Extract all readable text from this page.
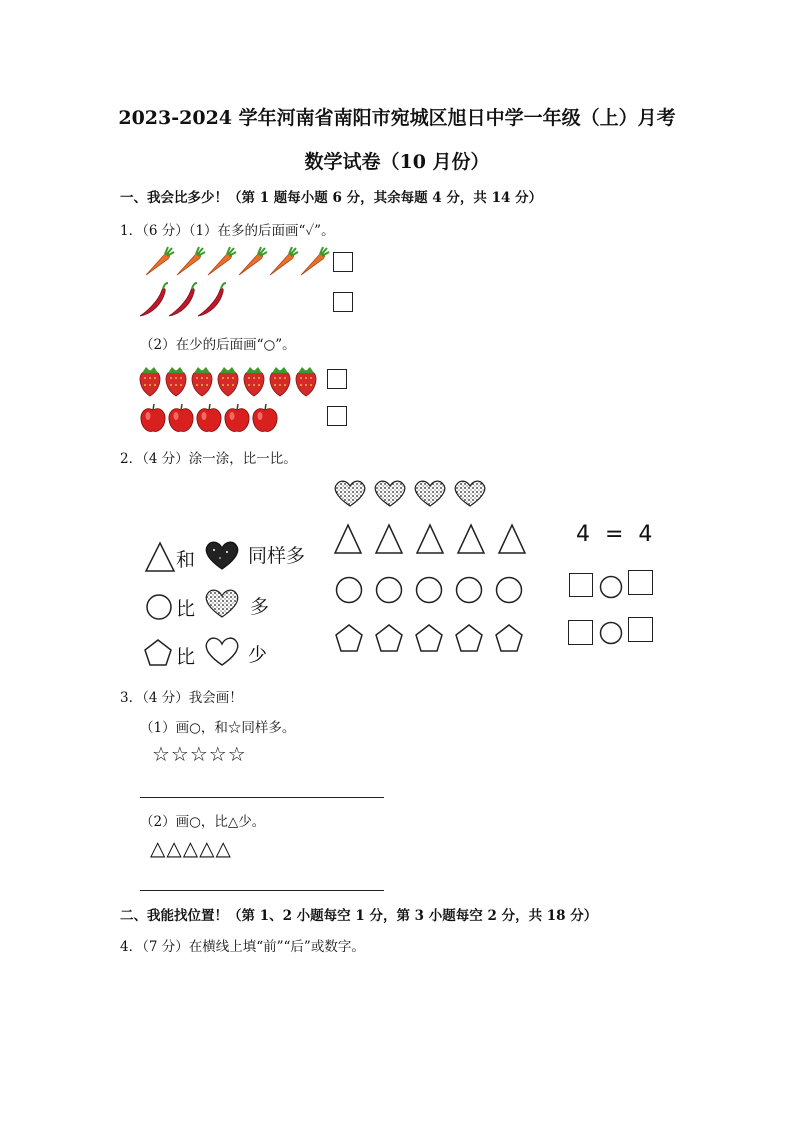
2023-2024 学年河南省南阳市宛城区旭日中学一年级（上）月考
数学试卷（10 月份）
一、我会比多少！（第 1 题每小题 6 分，其余每题 4 分，共 14 分）
1．（6 分）（1）在多的后面画“✓”。
（2）在少的后面画“○”。
2．（4 分）涂一涂，比一比。
和	同样多
比	多
比	少
4 = 4
3．（4 分）我会画！
（1）画○，和☆同样多。
☆☆☆☆☆
（2）画○，比△少。
△△△△△
二、我能找位置！（第 1、2 小题每空 1 分，第 3 小题每空 2 分，共 18 分）
4．（7 分）在横线上填“前”“后”或数字。
